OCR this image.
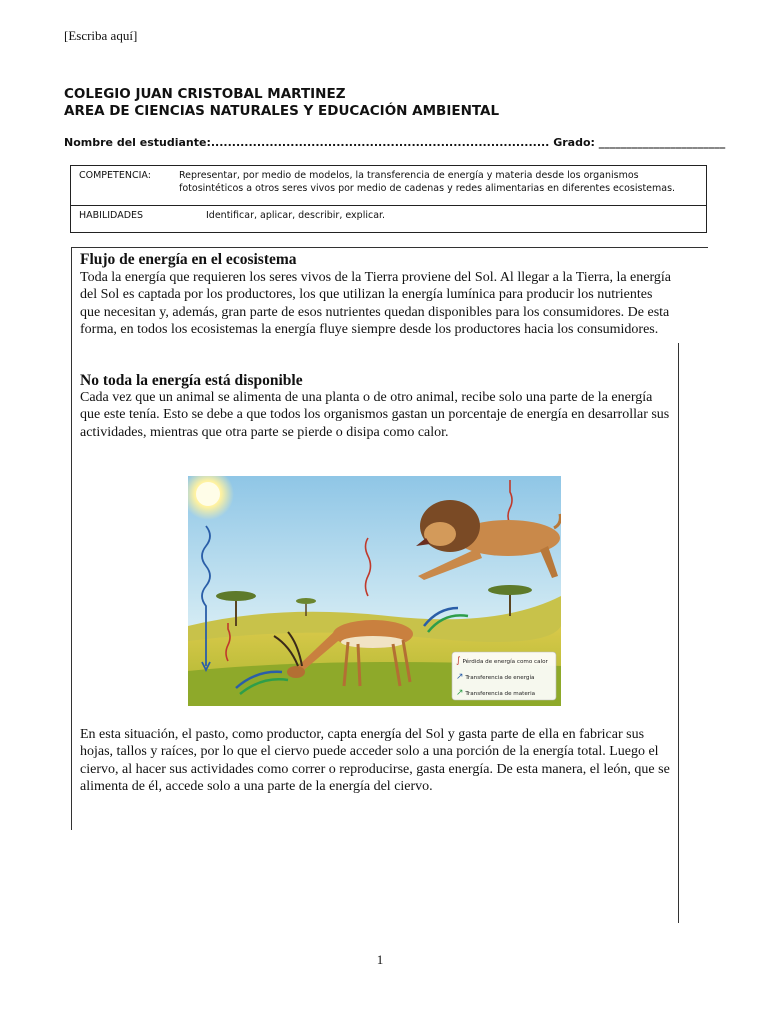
[Escriba aquí]
COLEGIO JUAN CRISTOBAL MARTINEZ
AREA DE CIENCIAS NATURALES Y EDUCACIÓN AMBIENTAL
Nombre del estudiante:................................................................................. Grado: _______________________
COMPETENCIA:	Representar, por medio de modelos, la transferencia de energía y materia desde los organismos fotosintéticos a otros seres vivos por medio de cadenas y redes alimentarias en diferentes ecosistemas.
HABILIDADES	Identificar, aplicar, describir, explicar.
Flujo de energía en el ecosistema
Toda la energía que requieren los seres vivos de la Tierra proviene del Sol. Al llegar a la Tierra, la energía del Sol es captada por los productores, los que utilizan la energía lumínica para producir los nutrientes que necesitan y, además, gran parte de esos nutrientes quedan disponibles para los consumidores. De esta forma, en todos los ecosistemas la energía fluye siempre desde los productores hacia los consumidores.
No toda la energía está disponible
Cada vez que un animal se alimenta de una planta o de otro animal, recibe solo una parte de la energía que este tenía. Esto se debe a que todos los organismos gastan un porcentaje de energía en desarrollar sus actividades, mientras que otra parte se pierde o disipa como calor.
∫ Pérdida de energía como calor
↗ Transferencia de energía
↗ Transferencia de materia
En esta situación, el pasto, como productor, capta energía del Sol y gasta parte de ella en fabricar sus hojas, tallos y raíces, por lo que el ciervo puede acceder solo a una porción de la energía total. Luego el ciervo, al hacer sus actividades como correr o reproducirse, gasta energía. De esta manera, el león, que se alimenta de él, accede solo a una parte de la energía del ciervo.
1
